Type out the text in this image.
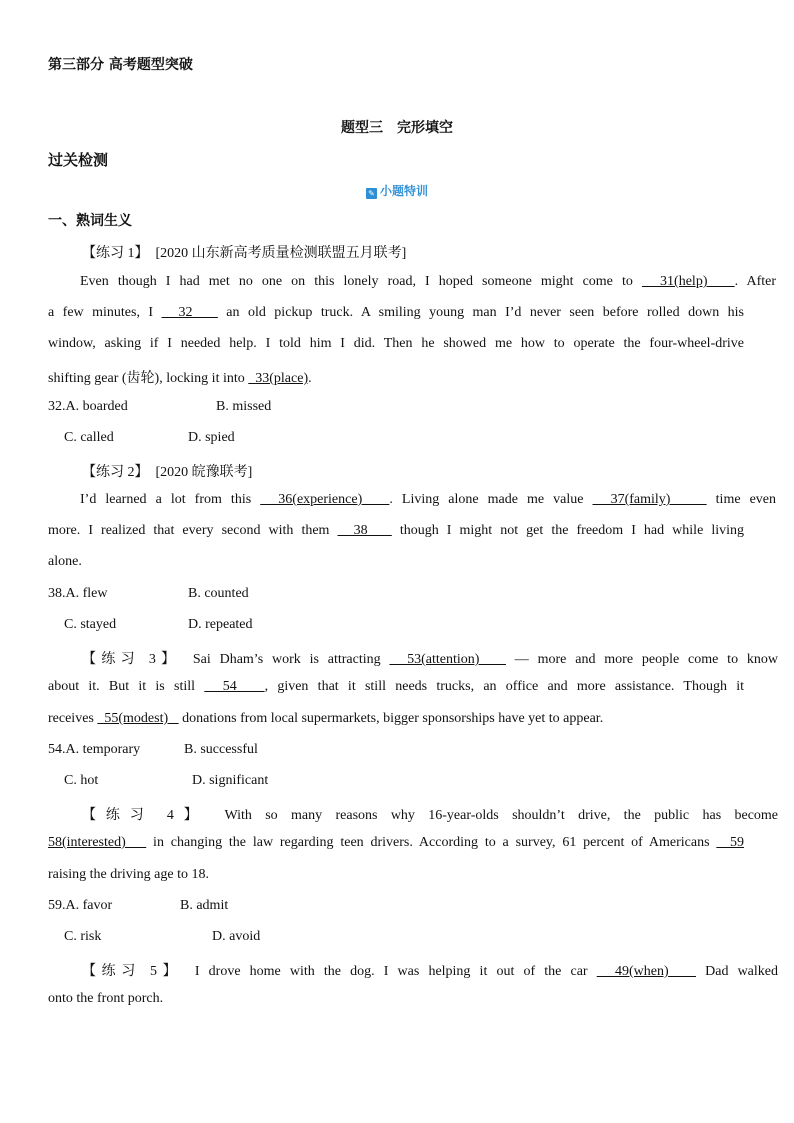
第三部分 高考题型突破
题型三　完形填空
过关检测
✎ 小题特训
一、熟词生义
【练习 1】　 [2020 山东新高考质量检测联盟五月联考]
Even though I had met no one on this lonely road, I hoped someone might come to   31(help)   . After
a few minutes, I   32    an old pickup truck. A smiling young man I’d never seen before rolled down his
window, asking if I needed help. I told him I did. Then he showed me how to operate the four-wheel-drive
shifting gear (齿轮), locking it into   33(place).
32.A. boarded	B. missed
C. called	D. spied
【练习 2】　 [2020 皖豫联考]
I’d learned a lot from this   36(experience)   . Living alone made me value   37(family)     time even
more. I realized that every second with them   38    though I might not get the freedom I had while living
alone.
38.A. flew	B. counted
C. stayed	D. repeated
【练习 3】　 Sai Dham’s work is attracting   53(attention)    — more and more people come to know
about it. But it is still   54   , given that it still needs trucks, an office and more assistance. Though it
receives   55(modest)    donations from local supermarkets, bigger sponsorships have yet to appear.
54.A. temporary	B. successful
C. hot	D. significant
【练习 4】　 With so many reasons why 16-year-olds shouldn’t drive, the public has become
58(interested)    in changing the law regarding teen drivers. According to a survey, 61 percent of Americans   59
raising the driving age to 18.
59.A. favor	B. admit
C. risk	D. avoid
【练习 5】　 I drove home with the dog. I was helping it out of the car   49(when)    Dad walked
onto the front porch.
